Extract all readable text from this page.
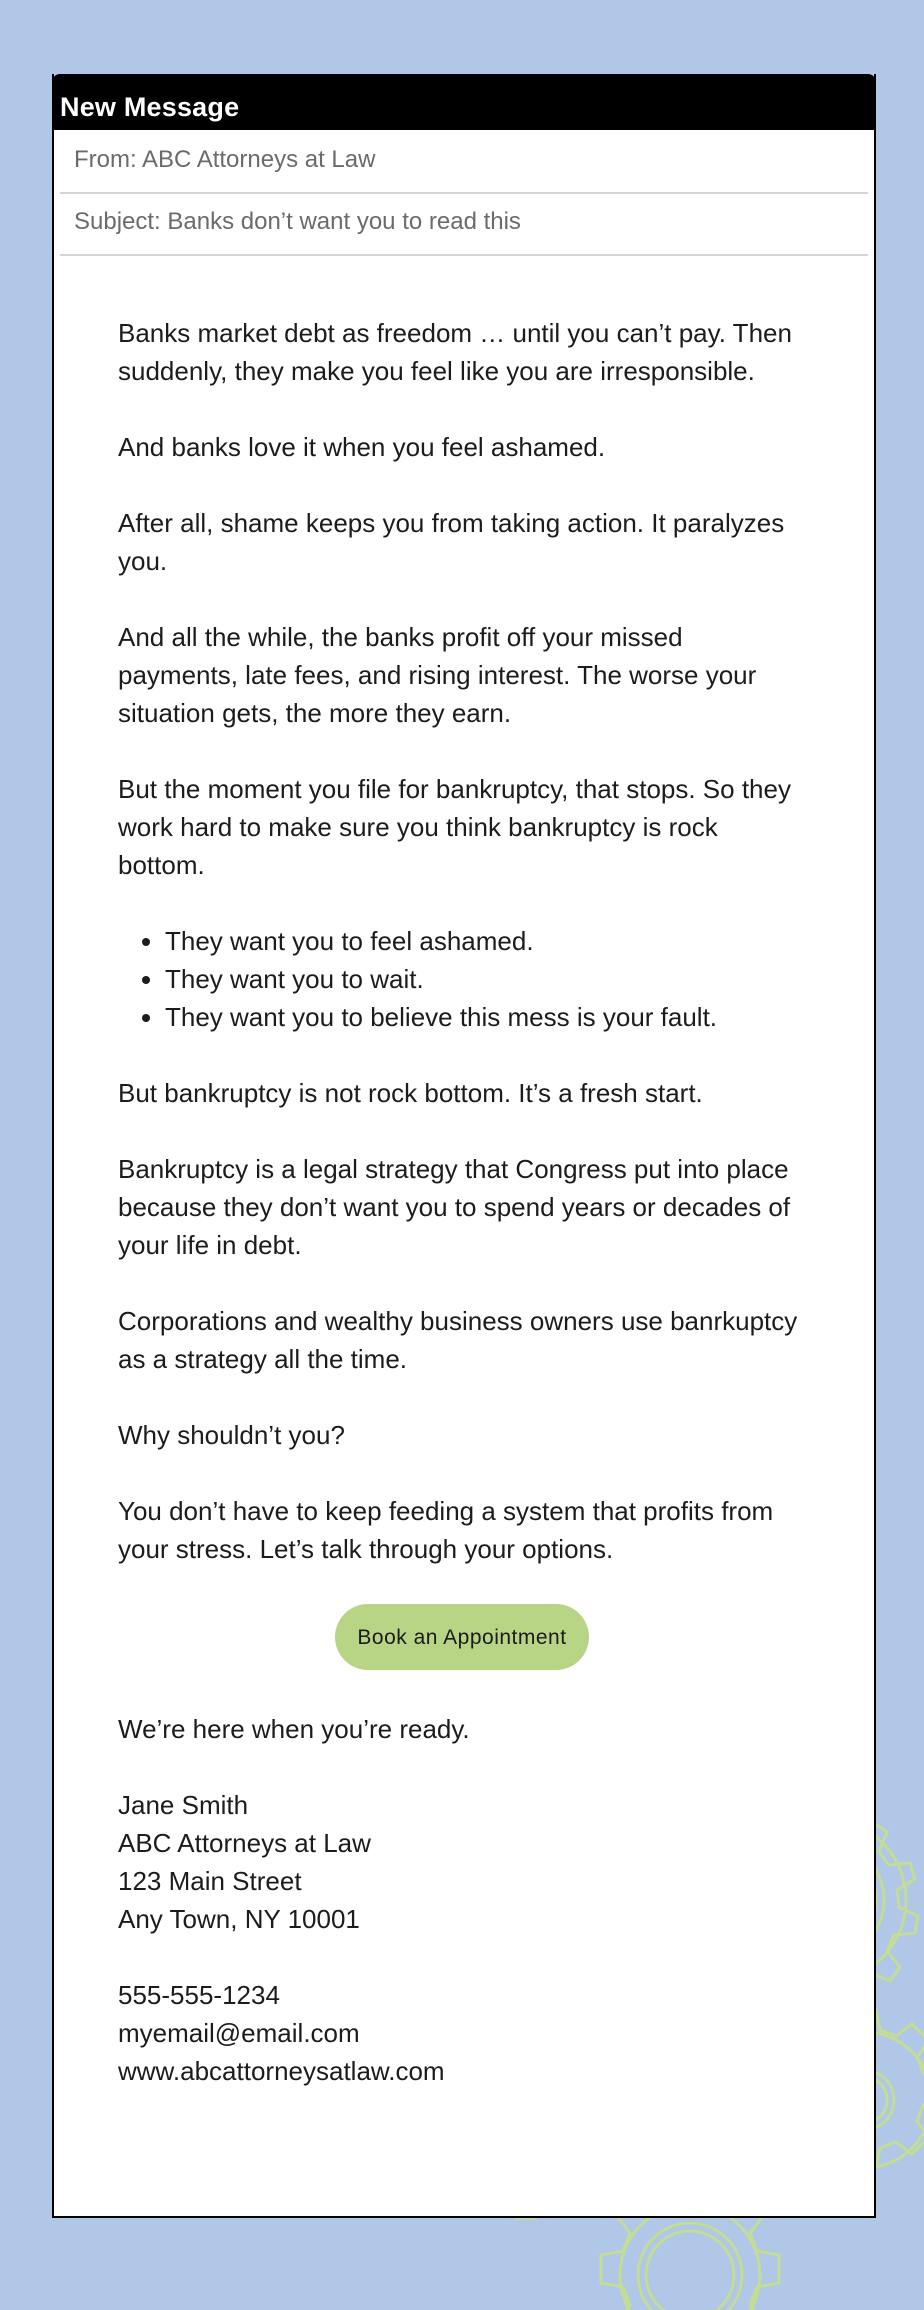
New Message
From: ABC Attorneys at Law
Subject: Banks don’t want you to read this

Banks market debt as freedom … until you can’t pay. Then suddenly, they make you feel like you are irresponsible.

And banks love it when you feel ashamed.

After all, shame keeps you from taking action. It paralyzes you.

And all the while, the banks profit off your missed payments, late fees, and rising interest. The worse your situation gets, the more they earn.

But the moment you file for bankruptcy, that stops. So they work hard to make sure you think bankruptcy is rock bottom.

• They want you to feel ashamed.
• They want you to wait.
• They want you to believe this mess is your fault.

But bankruptcy is not rock bottom. It’s a fresh start.

Bankruptcy is a legal strategy that Congress put into place because they don’t want you to spend years or decades of your life in debt.

Corporations and wealthy business owners use banrkuptcy as a strategy all the time.

Why shouldn’t you?

You don’t have to keep feeding a system that profits from your stress. Let’s talk through your options.

Book an Appointment

We’re here when you’re ready.

Jane Smith
ABC Attorneys at Law
123 Main Street
Any Town, NY 10001

555-555-1234
myemail@email.com
www.abcattorneysatlaw.com
